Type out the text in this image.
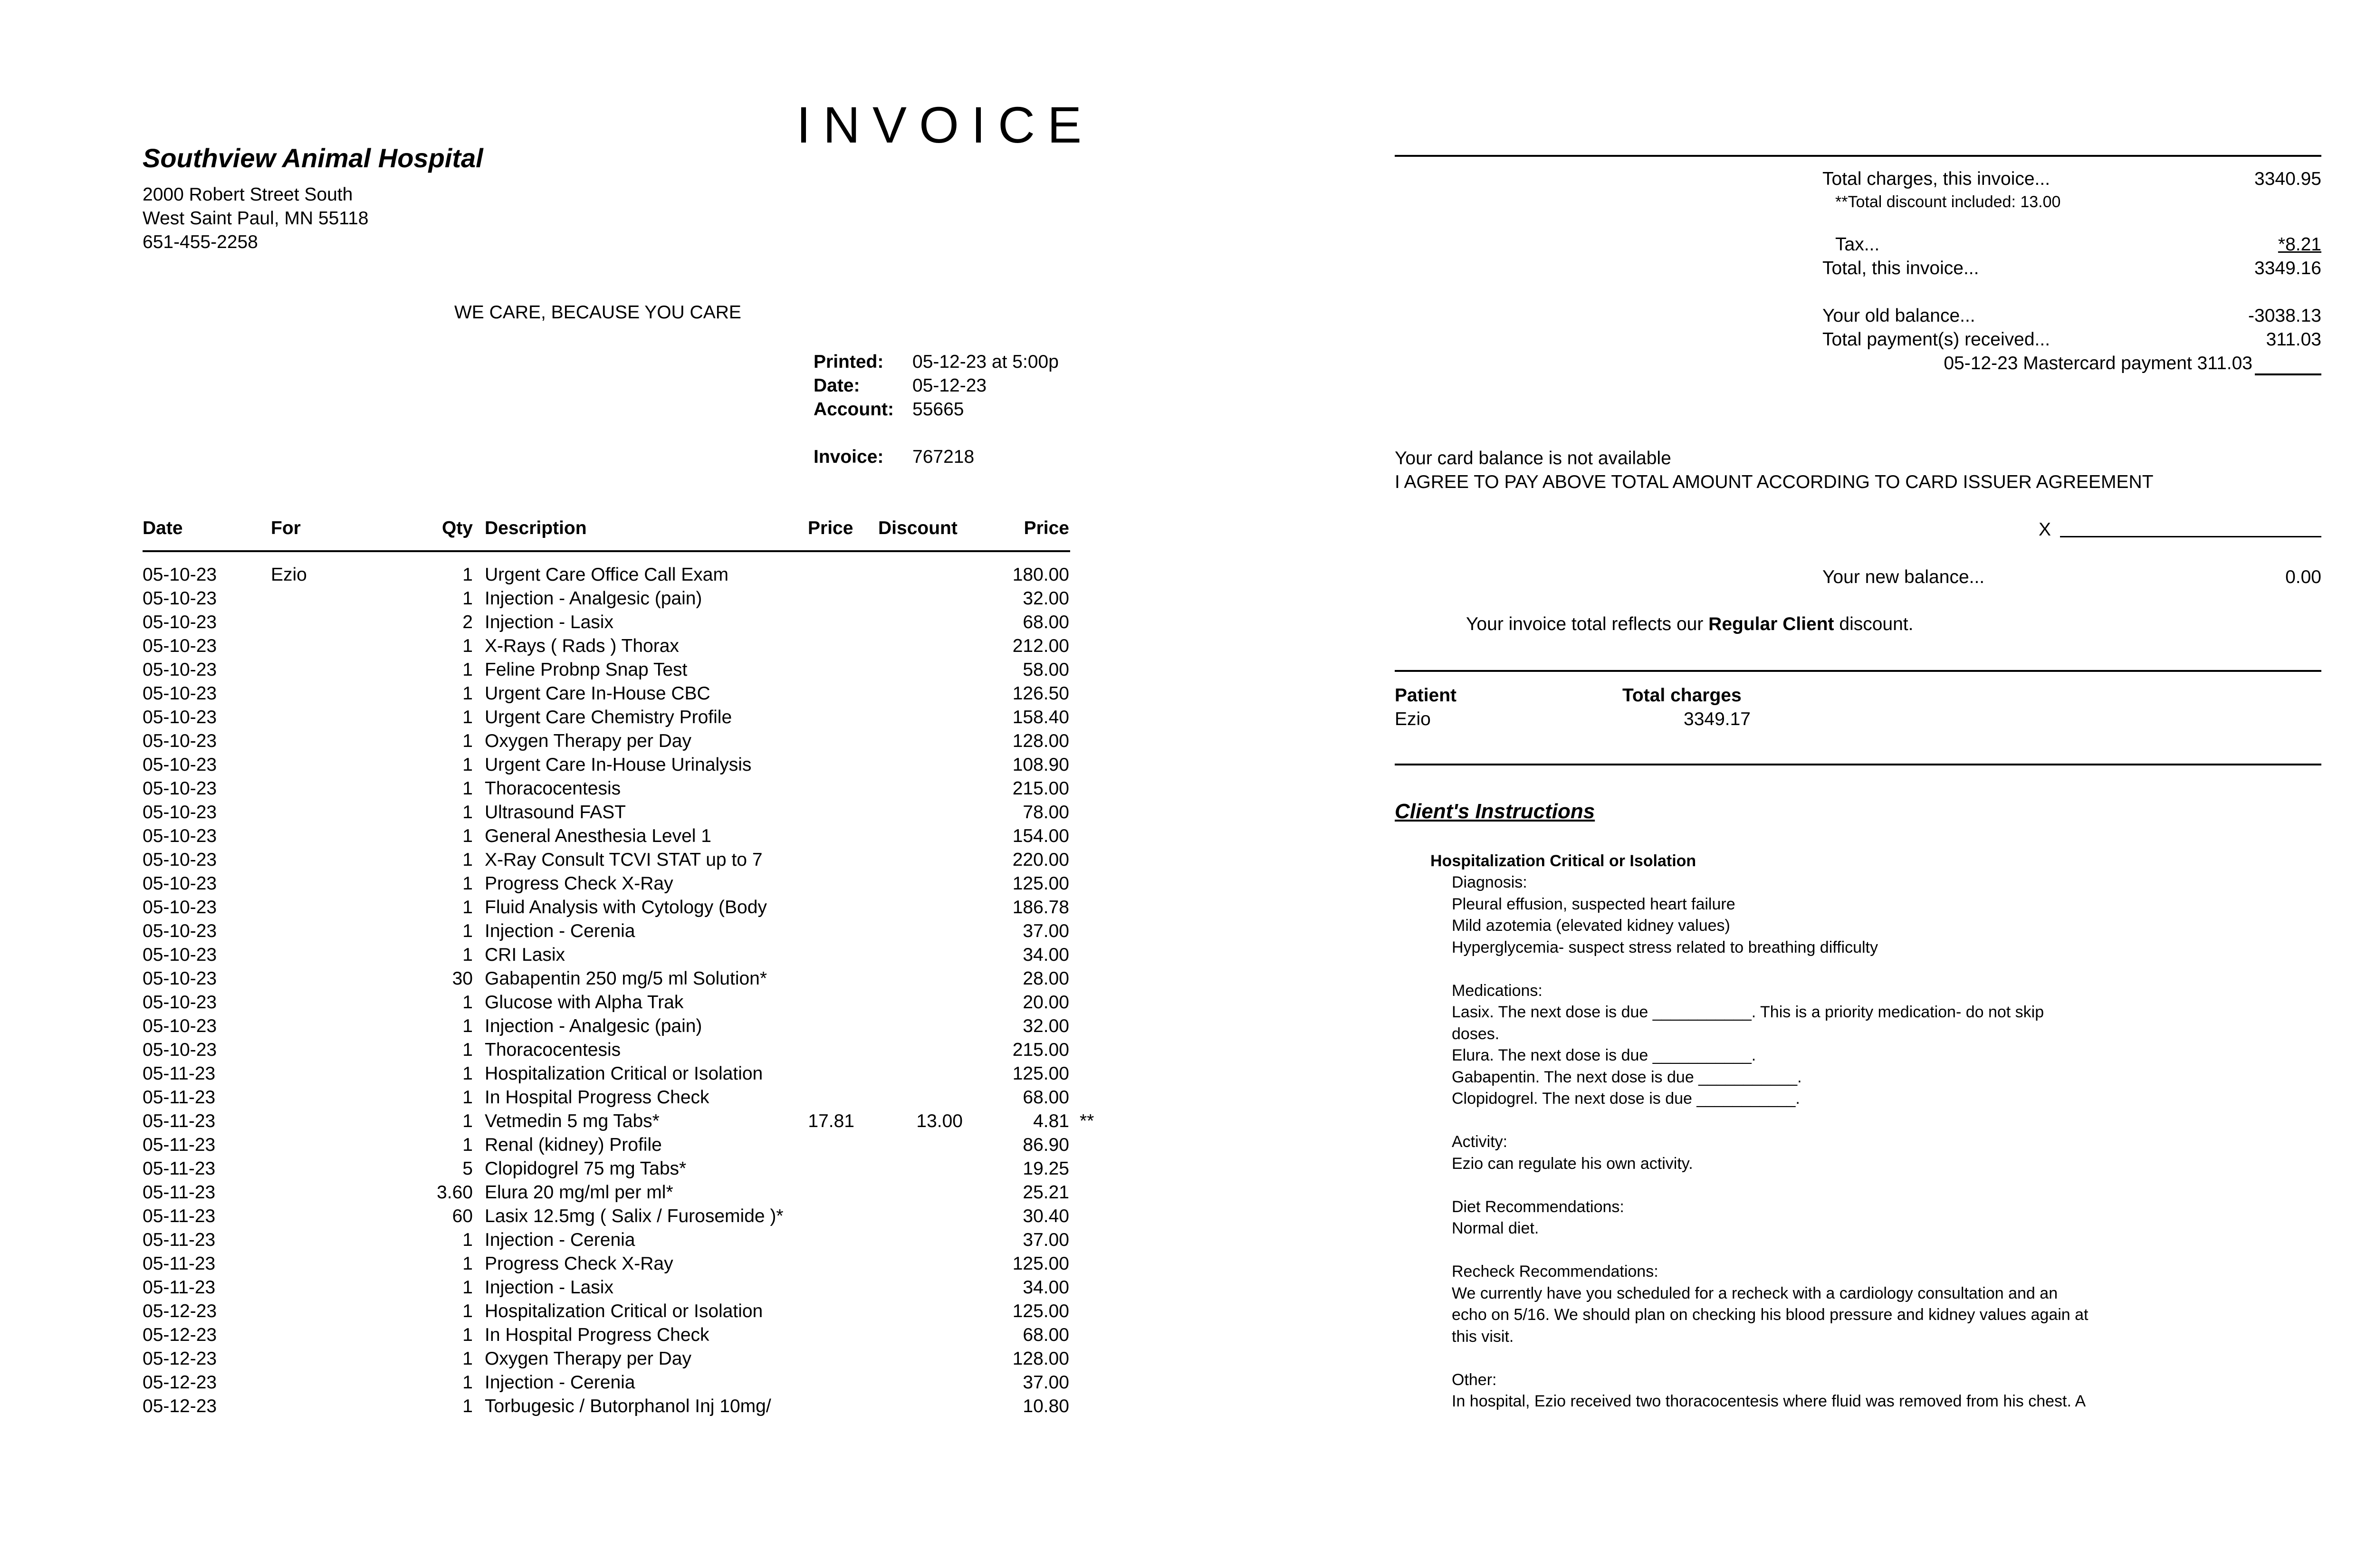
INVOICE
Southview Animal Hospital
2000 Robert Street South
West Saint Paul, MN 55118
651-455-2258
WE CARE, BECAUSE YOU CARE
Printed: 05-12-23 at 5:00p
Date:	05-12-23
Account: 55665
Invoice: 767218
Date	For	Qty Description	Price Discount	Price
05-10-23	Ezio	1 Urgent Care Office Call Exam	180.00
05-10-23	1 Injection - Analgesic (pain)	32.00
05-10-23	2 Injection - Lasix	68.00
05-10-23	1 X-Rays ( Rads ) Thorax	212.00
05-10-23	1 Feline Probnp Snap Test	58.00
05-10-23	1 Urgent Care In-House CBC	126.50
05-10-23	1 Urgent Care Chemistry Profile	158.40
05-10-23	1 Oxygen Therapy per Day	128.00
05-10-23	1 Urgent Care In-House Urinalysis	108.90
05-10-23	1 Thoracocentesis	215.00
05-10-23	1 Ultrasound FAST	78.00
05-10-23	1 General Anesthesia Level 1	154.00
05-10-23	1 X-Ray Consult TCVI STAT up to 7	220.00
05-10-23	1 Progress Check X-Ray	125.00
05-10-23	1 Fluid Analysis with Cytology (Body	186.78
05-10-23	1 Injection - Cerenia	37.00
05-10-23	1 CRI Lasix	34.00
05-10-23	30 Gabapentin 250 mg/5 ml Solution*	28.00
05-10-23	1 Glucose with Alpha Trak	20.00
05-10-23	1 Injection - Analgesic (pain)	32.00
05-10-23	1 Thoracocentesis	215.00
05-11-23	1 Hospitalization Critical or Isolation	125.00
05-11-23	1 In Hospital Progress Check	68.00
05-11-23	1 Vetmedin 5 mg Tabs*	17.81	13.00	4.81 **
05-11-23	1 Renal (kidney) Profile	86.90
05-11-23	5 Clopidogrel 75 mg Tabs*	19.25
05-11-23	3.60 Elura 20 mg/ml per ml*	25.21
05-11-23	60 Lasix 12.5mg ( Salix / Furosemide )*	30.40
05-11-23	1 Injection - Cerenia	37.00
05-11-23	1 Progress Check X-Ray	125.00
05-11-23	1 Injection - Lasix	34.00
05-12-23	1 Hospitalization Critical or Isolation	125.00
05-12-23	1 In Hospital Progress Check	68.00
05-12-23	1 Oxygen Therapy per Day	128.00
05-12-23	1 Injection - Cerenia	37.00
05-12-23	1 Torbugesic / Butorphanol Inj 10mg/	10.80
Total charges, this invoice...	3340.95
**Total discount included: 13.00
Tax...	*8.21
Total, this invoice...	3349.16
Your old balance...	-3038.13
Total payment(s) received...	311.03
05-12-23 Mastercard payment 311.03
Your card balance is not available
I AGREE TO PAY ABOVE TOTAL AMOUNT ACCORDING TO CARD ISSUER AGREEMENT
X
Your new balance...	0.00
Your invoice total reflects our Regular Client discount.
Patient	Total charges
Ezio	3349.17
Client's Instructions
Hospitalization Critical or Isolation
Diagnosis:
Pleural effusion, suspected heart failure
Mild azotemia (elevated kidney values)
Hyperglycemia- suspect stress related to breathing difficulty
Medications:
Lasix. The next dose is due ___________. This is a priority medication- do not skip
doses.
Elura. The next dose is due ___________.
Gabapentin. The next dose is due ___________.
Clopidogrel. The next dose is due ___________.
Activity:
Ezio can regulate his own activity.
Diet Recommendations:
Normal diet.
Recheck Recommendations:
We currently have you scheduled for a recheck with a cardiology consultation and an
echo on 5/16. We should plan on checking his blood pressure and kidney values again at
this visit.
Other:
In hospital, Ezio received two thoracocentesis where fluid was removed from his chest. A
